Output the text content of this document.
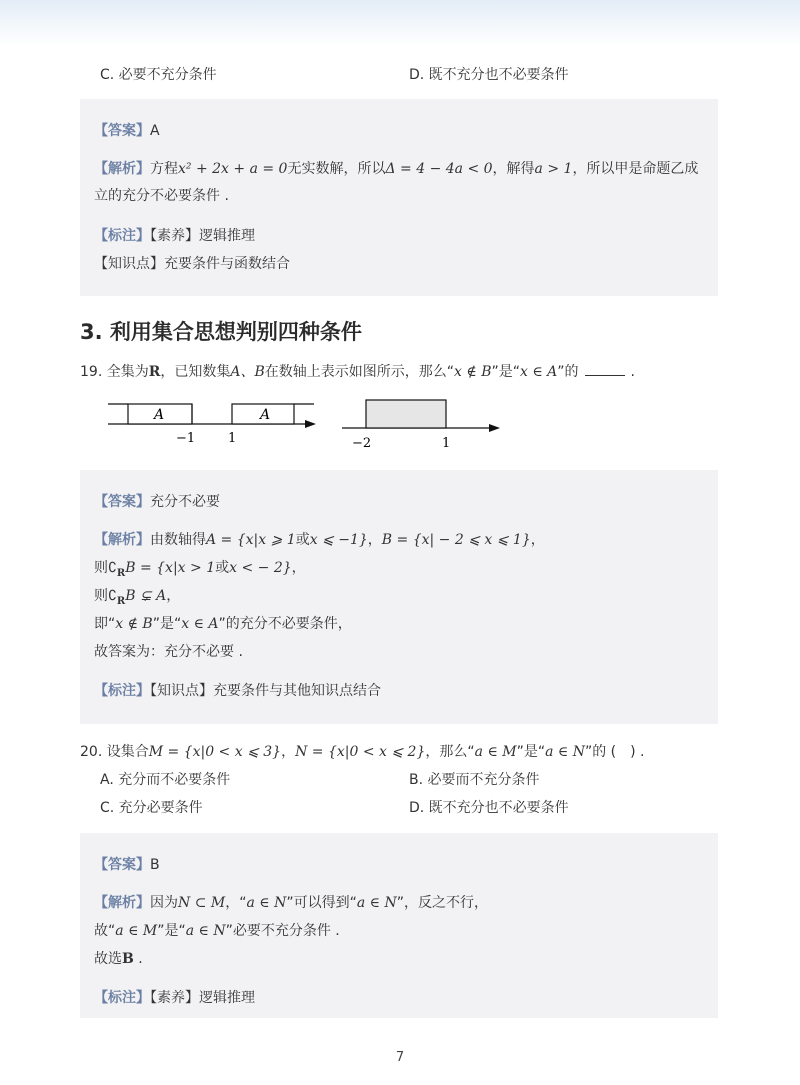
C. 必要不充分条件	D. 既不充分也不必要条件
【答案】A
【解析】方程x² + 2x + a = 0无实数解，所以Δ = 4 − 4a < 0，解得a > 1，所以甲是命题乙成
立的充分不必要条件 .
【标注】【素养】逻辑推理
【知识点】充要条件与函数结合
3. 利用集合思想判别四种条件
19. 全集为R，已知数集A、B在数轴上表示如图所示，那么“x ∉ B”是“x ∈ A”的	.
A	A
−1	1	−2	1
【答案】充分不必要
【解析】由数轴得A = {x|x ⩾ 1或x ⩽ −1}，B = {x| − 2 ⩽ x ⩽ 1}，
则$∁_RB = \{x|x > 1$或x < − 2}，
则$∁_RB$ ⊊ A，
即“x ∉ B”是“x ∈ A”的充分不必要条件，
故答案为：充分不必要 .
【标注】【知识点】充要条件与其他知识点结合
20. 设集合M = {x|0 < x ⩽ 3}，N = {x|0 < x ⩽ 2}，那么“a ∈ M”是“a ∈ N”的 (　) .
A. 充分而不必要条件	B. 必要而不充分条件
C. 充分必要条件	D. 既不充分也不必要条件
【答案】B
【解析】因为N ⊂ M，“a ∈ N”可以得到“a ∈ N”，反之不行，
故“a ∈ M”是“a ∈ N”必要不充分条件 .
故选B .
【标注】【素养】逻辑推理
7
